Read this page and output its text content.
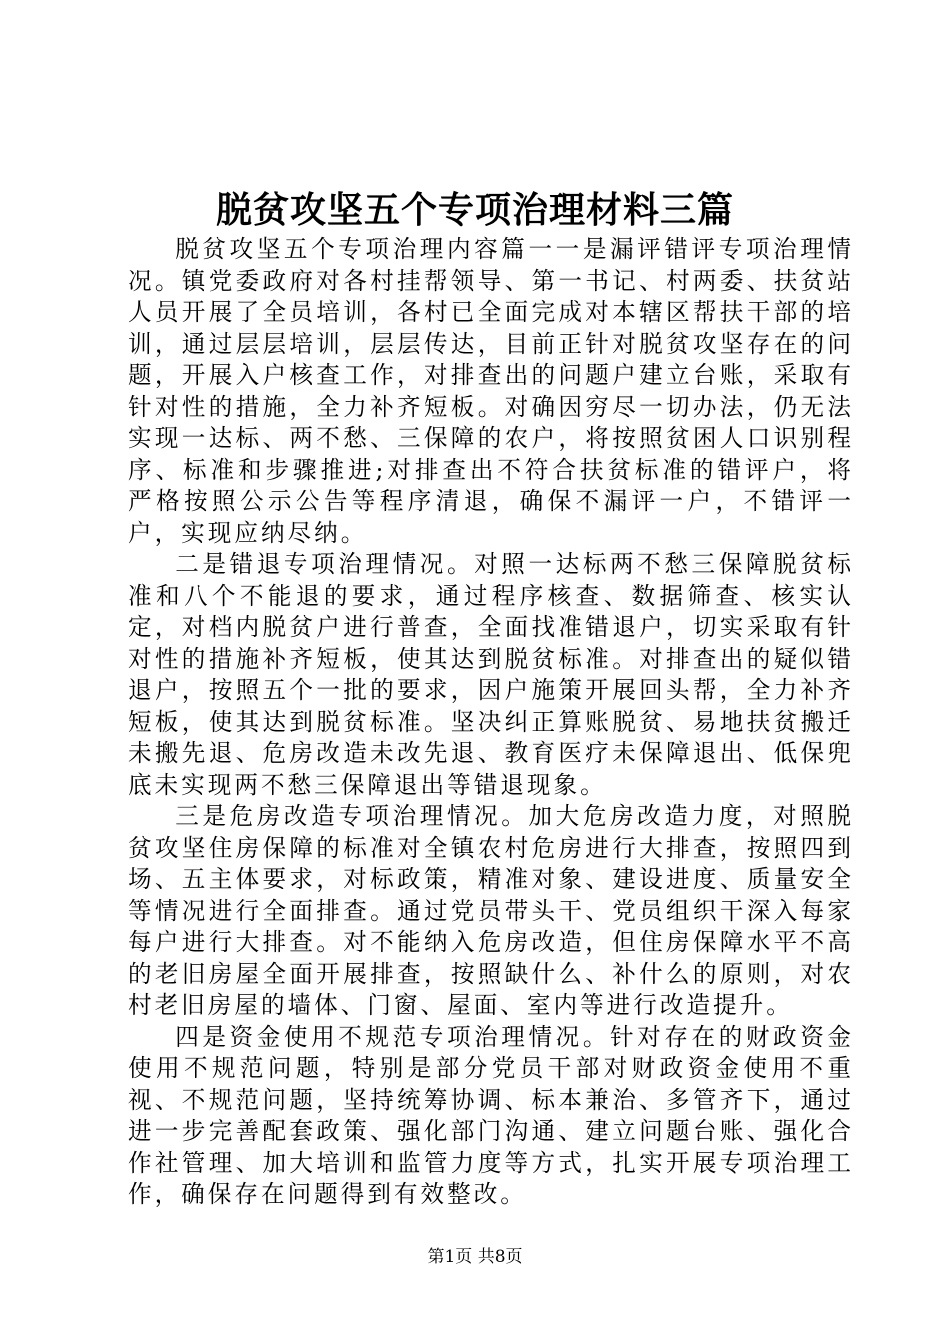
脱贫攻坚五个专项治理材料三篇

脱贫攻坚五个专项治理内容篇一一是漏评错评专项治理情况。镇党委政府对各村挂帮领导、第一书记、村两委、扶贫站人员开展了全员培训，各村已全面完成对本辖区帮扶干部的培训，通过层层培训，层层传达，目前正针对脱贫攻坚存在的问题，开展入户核查工作，对排查出的问题户建立台账，采取有针对性的措施，全力补齐短板。对确因穷尽一切办法，仍无法实现一达标、两不愁、三保障的农户，将按照贫困人口识别程序、标准和步骤推进;对排查出不符合扶贫标准的错评户，将严格按照公示公告等程序清退，确保不漏评一户，不错评一户，实现应纳尽纳。

二是错退专项治理情况。对照一达标两不愁三保障脱贫标准和八个不能退的要求，通过程序核查、数据筛查、核实认定，对档内脱贫户进行普查，全面找准错退户，切实采取有针对性的措施补齐短板，使其达到脱贫标准。对排查出的疑似错退户，按照五个一批的要求，因户施策开展回头帮，全力补齐短板，使其达到脱贫标准。坚决纠正算账脱贫、易地扶贫搬迁未搬先退、危房改造未改先退、教育医疗未保障退出、低保兜底未实现两不愁三保障退出等错退现象。

三是危房改造专项治理情况。加大危房改造力度，对照脱贫攻坚住房保障的标准对全镇农村危房进行大排查，按照四到场、五主体要求，对标政策，精准对象、建设进度、质量安全等情况进行全面排查。通过党员带头干、党员组织干深入每家每户进行大排查。对不能纳入危房改造，但住房保障水平不高的老旧房屋全面开展排查，按照缺什么、补什么的原则，对农村老旧房屋的墙体、门窗、屋面、室内等进行改造提升。

四是资金使用不规范专项治理情况。针对存在的财政资金使用不规范问题，特别是部分党员干部对财政资金使用不重视、不规范问题，坚持统筹协调、标本兼治、多管齐下，通过进一步完善配套政策、强化部门沟通、建立问题台账、强化合作社管理、加大培训和监管力度等方式，扎实开展专项治理工作，确保存在问题得到有效整改。

第1页 共8页
